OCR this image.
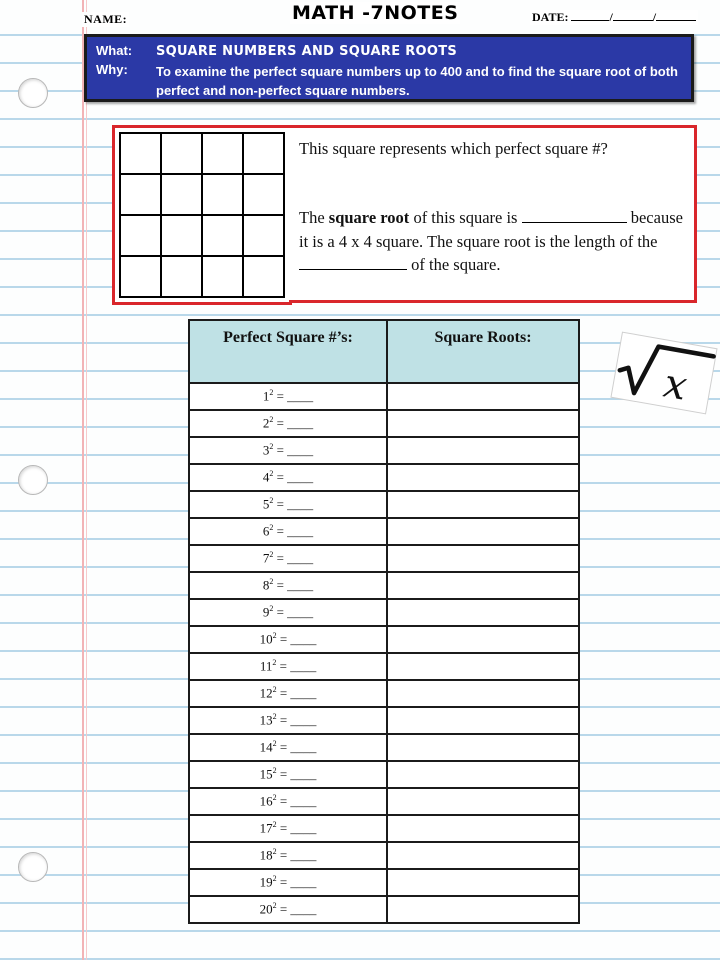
NAME:	MATH -7NOTES	DATE:	/	/
What: SQUARE NUMBERS AND SQUARE ROOTS
Why: To examine the perfect square numbers up to 400 and to find the square root of both perfect and non-perfect square numbers.
This square represents which perfect square #?
The square root of this square is	because it is a 4 x 4 square. The square root is the length of the  of the square.
Perfect Square #’s:	Square Roots:
$1^2$ = ____	
$2^2$ = ____	
$3^2$ = ____	
$4^2$ = ____	
$5^2$ = ____	
$6^2$ = ____	
$7^2$ = ____	
$8^2$ = ____	
$9^2$ = ____	
$10^2$ = ____	
$11^2$ = ____	
$12^2$ = ____	
$13^2$ = ____	
$14^2$ = ____	
$15^2$ = ____	
$16^2$ = ____	
$17^2$ = ____	
$18^2$ = ____	
$19^2$ = ____	
$20^2$ = ____	
x
